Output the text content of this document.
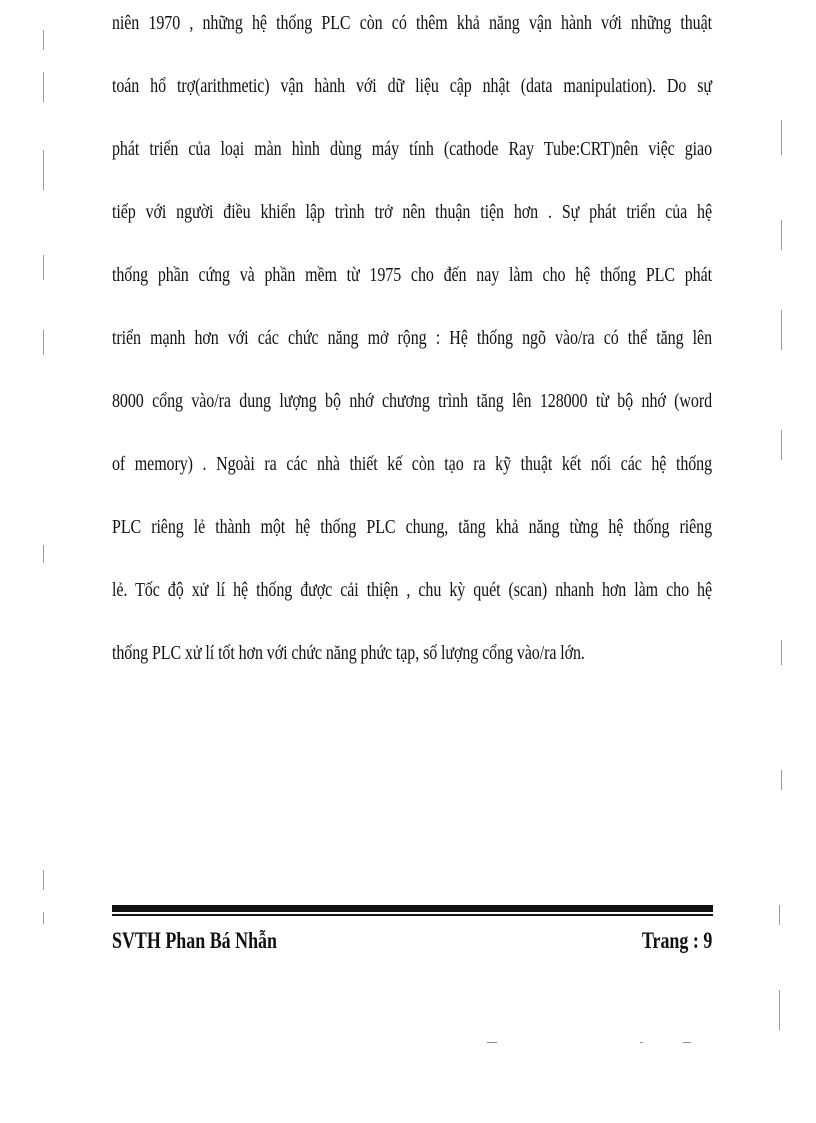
niên 1970 , những hệ thống PLC còn có thêm khả năng vận hành với những thuật
toán hổ trợ(arithmetic) vận hành với dữ liệu cập nhật (data manipulation). Do sự
phát triển của loại màn hình dùng máy tính (cathode Ray Tube:CRT)nên việc giao
tiếp với người điều khiển lập trình trở nên thuận tiện hơn . Sự phát triển của hệ
thống phần cứng và phần mềm từ 1975 cho đến nay làm cho hệ thống PLC phát
triển mạnh hơn với các chức năng mở rộng : Hệ thống ngõ vào/ra có thể tăng lên
8000 cổng vào/ra dung lượng bộ nhớ chương trình tăng lên 128000 từ bộ nhớ (word
of memory) . Ngoài ra các nhà thiết kế còn tạo ra kỹ thuật kết nối các hệ thống
PLC riêng lẻ thành một hệ thống PLC chung, tăng khả năng từng hệ thống riêng
lẻ. Tốc độ xử lí hệ thống được cải thiện , chu kỳ quét (scan) nhanh hơn làm cho hệ
thống PLC xử lí tốt hơn với chức năng phức tạp, số lượng cổng vào/ra lớn.
SVTH Phan Bá Nhẫn	Trang : 9
